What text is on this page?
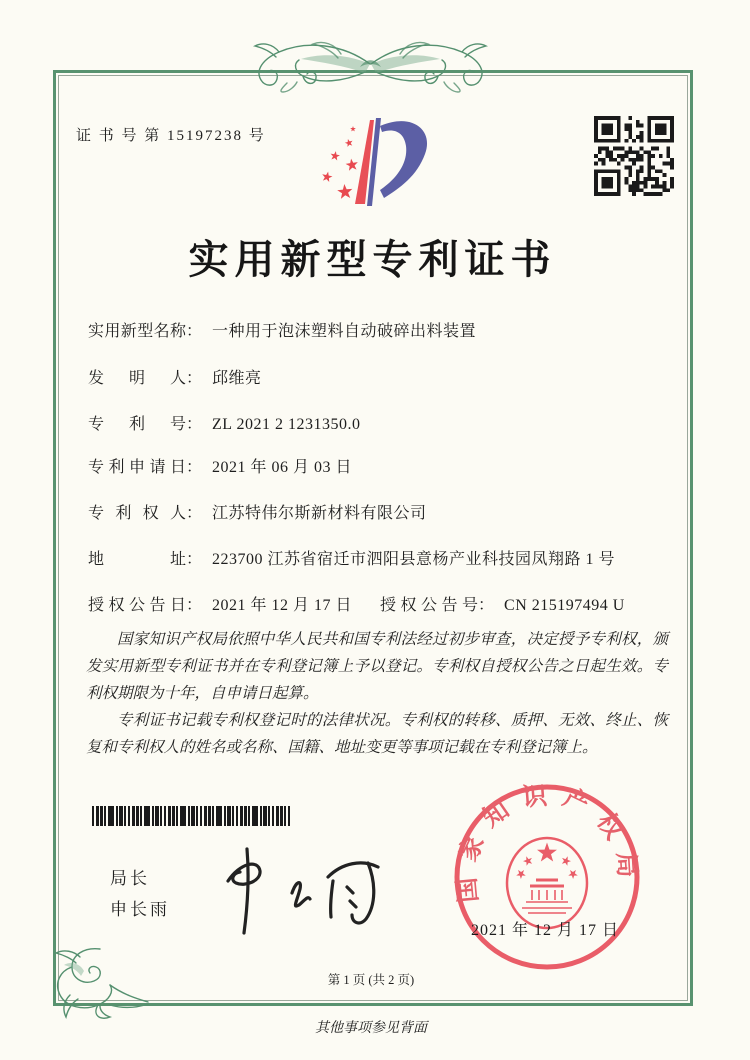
证 书 号 第 15197238 号
实用新型专利证书
实用新型名称： 一种用于泡沫塑料自动破碎出料装置
发明人： 邱维亮
专利号： ZL 2021 2 1231350.0
专利申请日： 2021 年 06 月 03 日
专利权人： 江苏特伟尔斯新材料有限公司
地址： 223700 江苏省宿迁市泗阳县意杨产业科技园凤翔路 1 号
授权公告日： 2021 年 12 月 17 日 授权公告号： CN 215197494 U

国家知识产权局依照中华人民共和国专利法经过初步审查，决定授予专利权，颁发实用新型专利证书并在专利登记簿上予以登记。专利权自授权公告之日起生效。专利权期限为十年，自申请日起算。

专利证书记载专利权登记时的法律状况。专利权的转移、质押、无效、终止、恢复和专利权人的姓名或名称、国籍、地址变更等事项记载在专利登记簿上。

局长
申长雨
国家知识产权局
2021 年 12 月 17 日
第 1 页 (共 2 页)
其他事项参见背面
